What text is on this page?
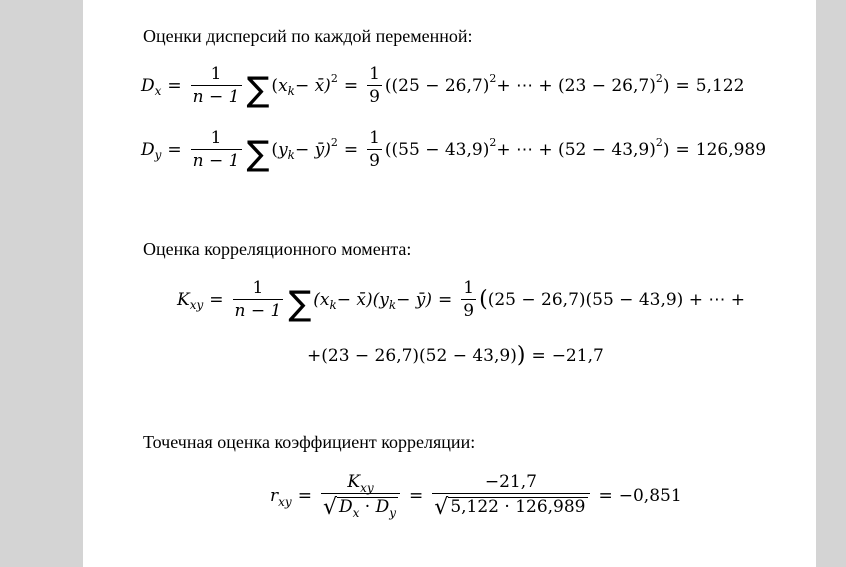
Оценки дисперсий по каждой переменной:
D $x = \frac{1}{n - 1}$ ∑ ( x k − x̄) $2 = \frac{1}{9} ((25 - 26,7) 2$ + ⋯ + (23 − 26,7) 2 ) = 5,122
D $y = \frac{1}{n - 1}$ ∑ ( y k − ȳ) $2 = \frac{1}{9} ((55 - 43,9) 2$ + ⋯ + (52 − 43,9) 2 ) = 126,989
Оценка корреляционного момента:
K xy = $\frac{1}{n - 1}$ ∑ (x k − x̄)(y k − ȳ) = $\frac{1}{9}$ ( (25 − 26,7)(55 − 43,9) + ⋯ +
+(23 − 26,7)(52 − 43,9) ) = −21,7
Точечная оценка коэффициент корреляции:
r xy = $\frac{K_{xy}}{√ D_x \cdot D_y} = \frac{-21,7}{√ 5,122 \cdot 126,989} = -0,851$
